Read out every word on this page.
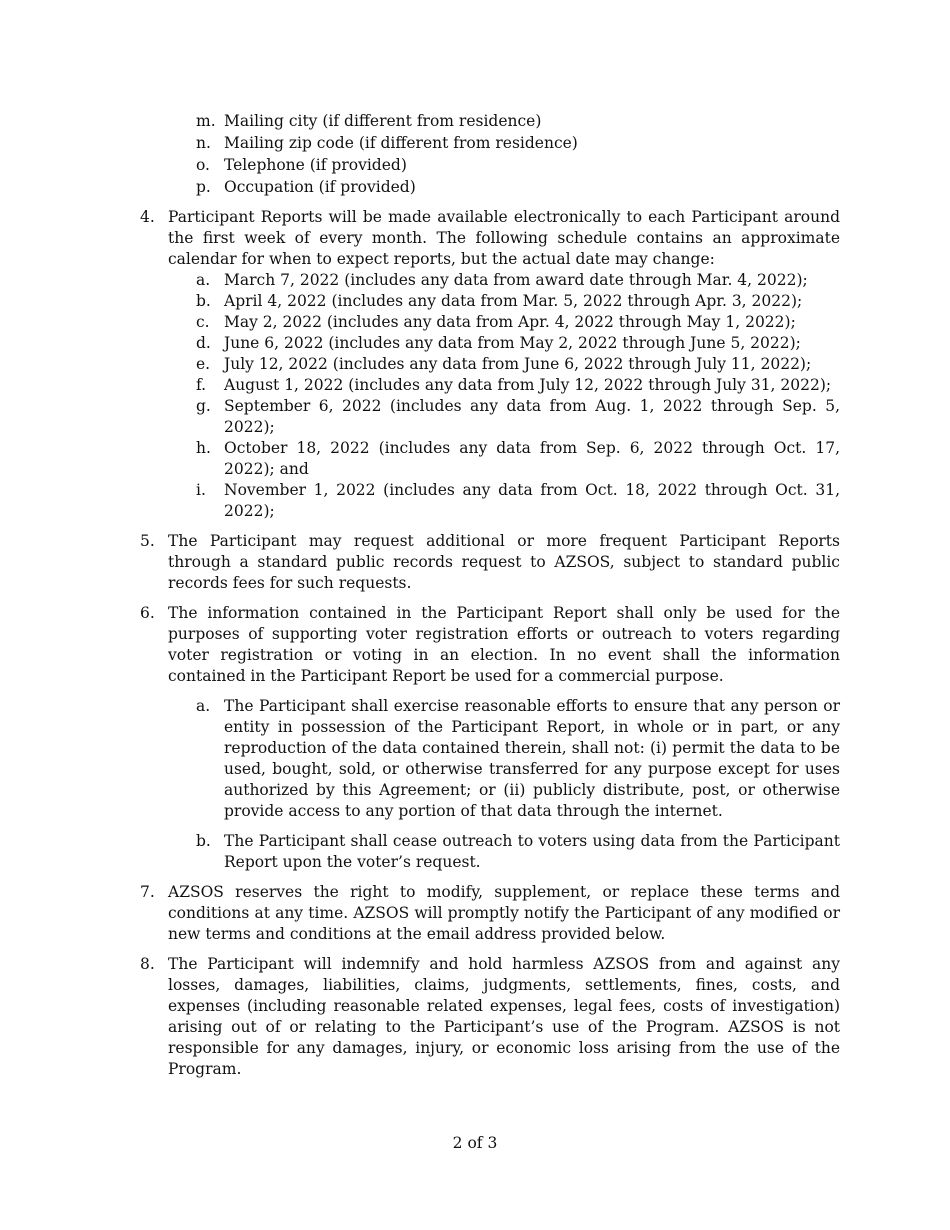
m. Mailing city (if different from residence)
n. Mailing zip code (if different from residence)
o. Telephone (if provided)
p. Occupation (if provided)
4. Participant Reports will be made available electronically to each Participant around the first week of every month. The following schedule contains an approximate calendar for when to expect reports, but the actual date may change:
a. March 7, 2022 (includes any data from award date through Mar. 4, 2022);
b. April 4, 2022 (includes any data from Mar. 5, 2022 through Apr. 3, 2022);
c. May 2, 2022 (includes any data from Apr. 4, 2022 through May 1, 2022);
d. June 6, 2022 (includes any data from May 2, 2022 through June 5, 2022);
e. July 12, 2022 (includes any data from June 6, 2022 through July 11, 2022);
f.	August 1, 2022 (includes any data from July 12, 2022 through July 31, 2022);
g. September 6, 2022 (includes any data from Aug. 1, 2022 through Sep. 5, 2022);
h. October 18, 2022 (includes any data from Sep. 6, 2022 through Oct. 17, 2022); and
i.	November 1, 2022 (includes any data from Oct. 18, 2022 through Oct. 31, 2022);
5. The Participant may request additional or more frequent Participant Reports through a standard public records request to AZSOS, subject to standard public records fees for such requests.
6. The information contained in the Participant Report shall only be used for the purposes of supporting voter registration efforts or outreach to voters regarding voter registration or voting in an election. In no event shall the information contained in the Participant Report be used for a commercial purpose.
a. The Participant shall exercise reasonable efforts to ensure that any person or entity in possession of the Participant Report, in whole or in part, or any reproduction of the data contained therein, shall not: (i) permit the data to be used, bought, sold, or otherwise transferred for any purpose except for uses authorized by this Agreement; or (ii) publicly distribute, post, or otherwise provide access to any portion of that data through the internet.
b. The Participant shall cease outreach to voters using data from the Participant Report upon the voter’s request.
7. AZSOS reserves the right to modify, supplement, or replace these terms and conditions at any time. AZSOS will promptly notify the Participant of any modified or new terms and conditions at the email address provided below.
8. The Participant will indemnify and hold harmless AZSOS from and against any losses, damages, liabilities, claims, judgments, settlements, fines, costs, and expenses (including reasonable related expenses, legal fees, costs of investigation) arising out of or relating to the Participant’s use of the Program. AZSOS is not responsible for any damages, injury, or economic loss arising from the use of the Program.
2 of 3
